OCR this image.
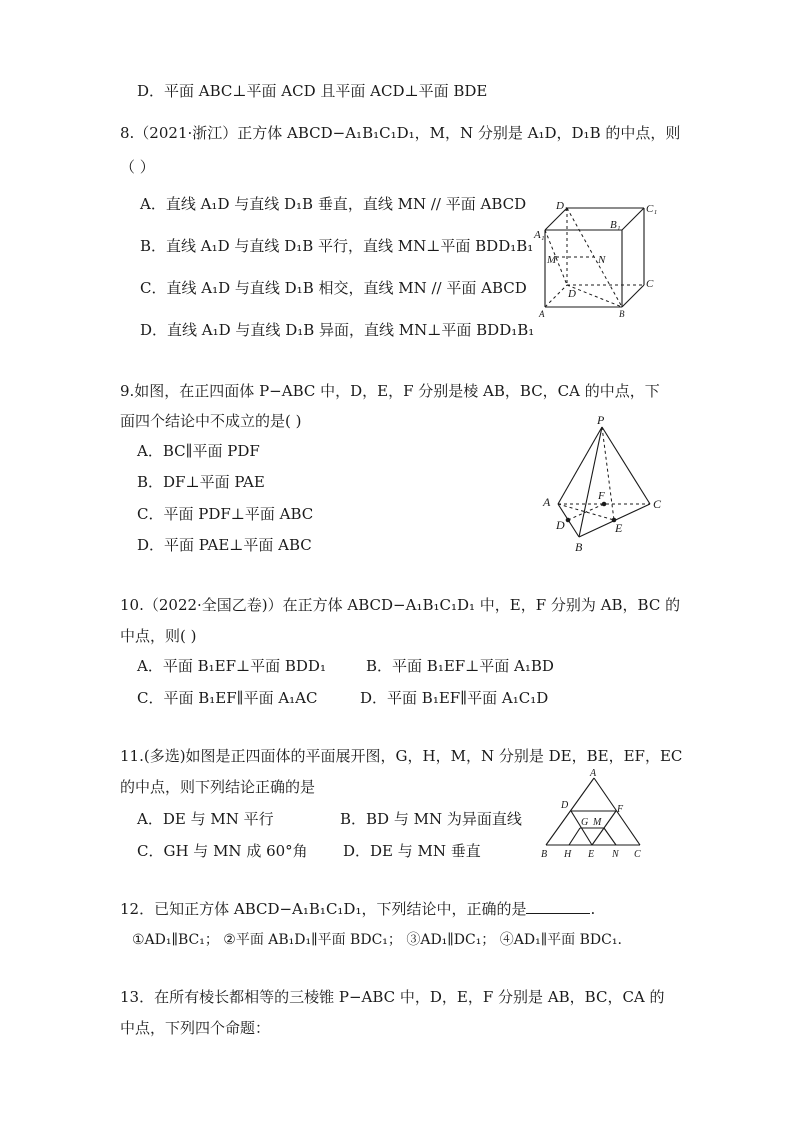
D．平面 ABC⊥平面 ACD 且平面 ACD⊥平面 BDE
8.（2021·浙江）正方体 ABCD−A₁B₁C₁D₁，M，N 分别是 A₁D，D₁B 的中点，则
（ ）
A．直线 A₁D 与直线 D₁B 垂直，直线 MN // 平面 ABCD
B．直线 A₁D 与直线 D₁B 平行，直线 MN⊥平面 BDD₁B₁
C．直线 A₁D 与直线 D₁B 相交，直线 MN // 平面 ABCD
D．直线 A₁D 与直线 D₁B 异面，直线 MN⊥平面 BDD₁B₁
D₁	C₁
B₁
A₁
M	N
C
D
A	B
9.如图，在正四面体 P−ABC 中，D，E，F 分别是棱 AB，BC，CA 的中点，下
面四个结论中不成立的是( )
A．BC∥平面 PDF
B．DF⊥平面 PAE
C．平面 PDF⊥平面 ABC
D．平面 PAE⊥平面 ABC
P
A	F
C
D	E
B
10.（2022·全国乙卷)）在正方体 ABCD−A₁B₁C₁D₁ 中，E，F 分别为 AB，BC 的
中点，则( )
A．平面 B₁EF⊥平面 BDD₁	B．平面 B₁EF⊥平面 A₁BD
C．平面 B₁EF∥平面 A₁AC	D．平面 B₁EF∥平面 A₁C₁D
11.(多选)如图是正四面体的平面展开图，G，H，M，N 分别是 DE，BE，EF，EC
的中点，则下列结论正确的是
A．DE 与 MN 平行	B．BD 与 MN 为异面直线
C．GH 与 MN 成 60°角 D．DE 与 MN 垂直
A
D	F
G M
B H E N C
12．已知正方体 ABCD−A₁B₁C₁D₁，下列结论中，正确的是	.
①AD₁∥BC₁； ②平面 AB₁D₁∥平面 BDC₁； ③AD₁∥DC₁； ④AD₁∥平面 BDC₁.
13．在所有棱长都相等的三棱锥 P−ABC 中，D，E，F 分别是 AB，BC，CA 的
中点，下列四个命题：
